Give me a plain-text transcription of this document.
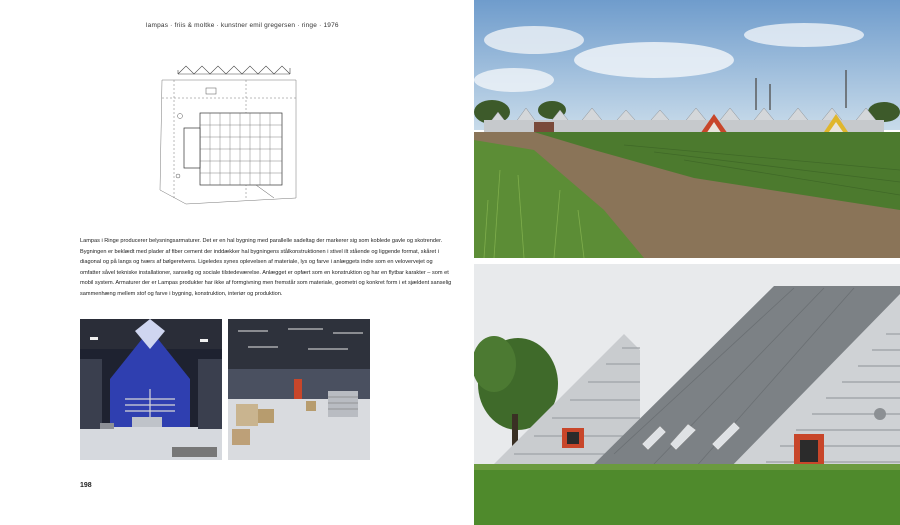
lampas · friis & moltke · kunstner emil gregersen · ringe · 1976

Lampas i Ringe producerer belysningsarmaturer. Det er en hal bygning med parallelle sadeltag der markerer sig som koblede gavle og skotrender. Bygningen er beklædt med plader af fiber cement der inddækker hal bygningens stålkonstruktionen i stivel ilt stående og liggende format, skåret i diagonal og på langs og tværs af bølgeretvens. Ligeledes synes oplevelsen af materiale, lys og farve i anlæggets indre som en velovervejet og omfatter såvel tekniske installationer, sanselig og sociale tilstedeværelse. Anlægget er opfært som en konstruktion og har en flytbar karakter – som et mobil system. Armaturer der er Lampas produkter har ikke af formgivning men fremstår som materiale, geometri og konkret form i et sjældent sanselig sammenhæng mellem stof og farve i bygning, konstruktion, interiør og produktion.

198
